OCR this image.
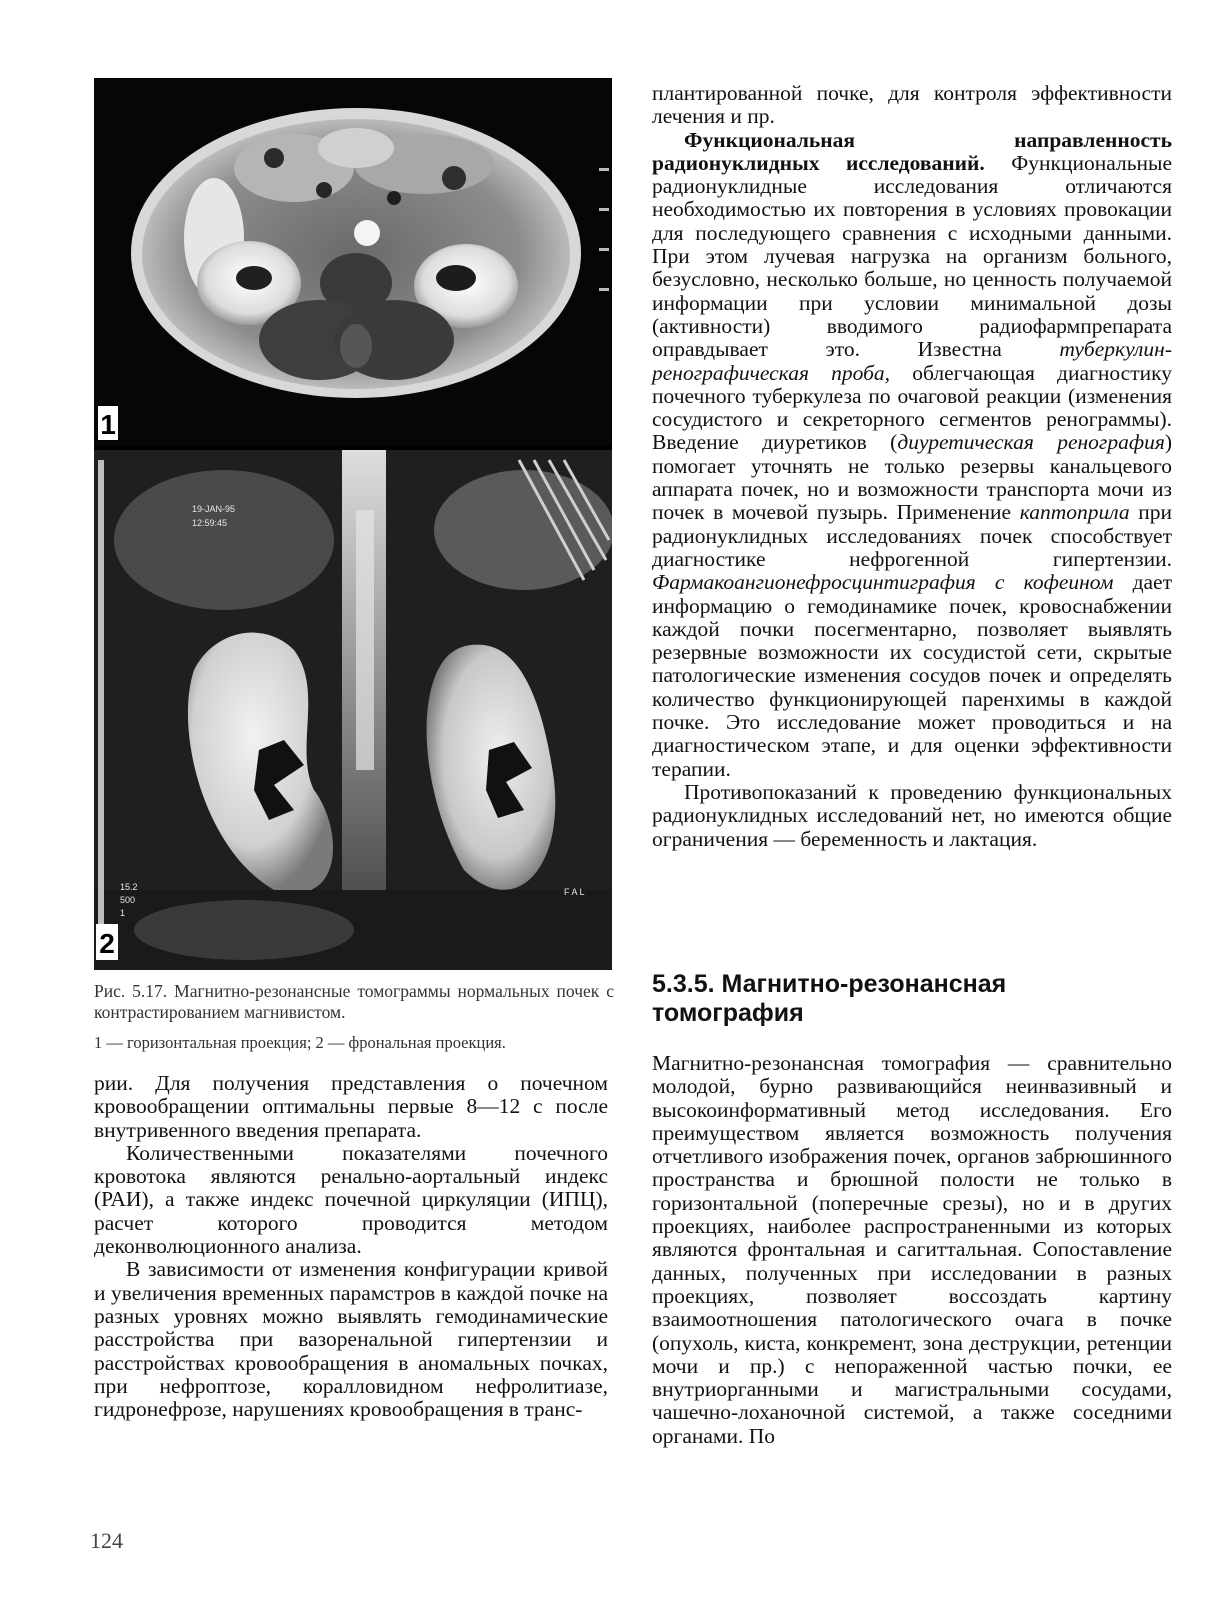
1
19-JAN-95
12:59:45
15.2
500
1
F A L
2
Рис. 5.17. Магнитно-резонансные томограммы нормальных почек с контрастированием магнивистом.
1 — горизонтальная проекция; 2 — фрональная проекция.

рии. Для получения представления о почечном кровообращении оптимальны первые 8—12 с после внутривенного введения препарата.

Количественными показателями почечного кровотока являются ренально-аортальный индекс (РАИ), а также индекс почечной циркуляции (ИПЦ), расчет которого проводится методом деконволюционного анализа.

В зависимости от изменения конфигурации кривой и увеличения временных парамстров в каждой почке на разных уровнях можно выявлять гемодинамические расстройства при вазоренальной гипертензии и расстройствах кровообращения в аномальных почках, при нефроптозе, коралловидном нефролитиазе, гидронефрозе, нарушениях кровообращения в транс-

124

плантированной почке, для контроля эффективности лечения и пр.

Функциональная направленность радионуклидных исследований. Функциональные радионуклидные исследования отличаются необходимостью их повторения в условиях провокации для последующего сравнения с исходными данными. При этом лучевая нагрузка на организм больного, безусловно, несколько больше, но ценность получаемой информации при условии минимальной дозы (активности) вводимого радиофармпрепарата оправдывает это. Известна	туберкулин-ренографическая проба, облегчающая диагностику почечного туберкулеза по очаговой реакции (изменения сосудистого и секреторного сегментов ренограммы). Введение диуретиков (диуретическая ренография) помогает уточнять не только резервы канальцевого аппарата почек, но и возможности транспорта мочи из почек в мочевой пузырь. Применение каптоприла при радионуклидных исследованиях почек способствует диагностике нефрогенной гипертензии. Фармакоангионефросцинтиграфия с кофеином дает информацию о гемодинамике почек, кровоснабжении каждой почки посегментарно, позволяет выявлять резервные возможности их сосудистой сети, скрытые патологические изменения сосудов почек и определять количество функционирующей паренхимы в каждой почке. Это исследование может проводиться и на диагностическом этапе, и для оценки эффективности терапии.

Противопоказаний к проведению функциональных радионуклидных исследований нет, но имеются общие ограничения — беременность и лактация.

5.3.5. Магнитно-резонансная
томография

Магнитно-резонансная томография — сравнительно молодой, бурно развивающийся неинвазивный и высокоинформативный метод исследования. Его преимуществом является возможность получения отчетливого изображения почек, органов забрюшинного пространства и брюшной полости не только в горизонтальной (поперечные срезы), но и в других проекциях, наиболее распространенными из которых являются фронтальная и сагиттальная. Сопоставление данных, полученных при исследовании в разных проекциях, позволяет воссоздать картину взаимоотношения патологического очага в почке (опухоль, киста, конкремент, зона деструкции, ретенции мочи и пр.) с непораженной частью почки, ее внутриорганными и магистральными сосудами, чашечно-лоханочной системой, а также соседними органами. По
